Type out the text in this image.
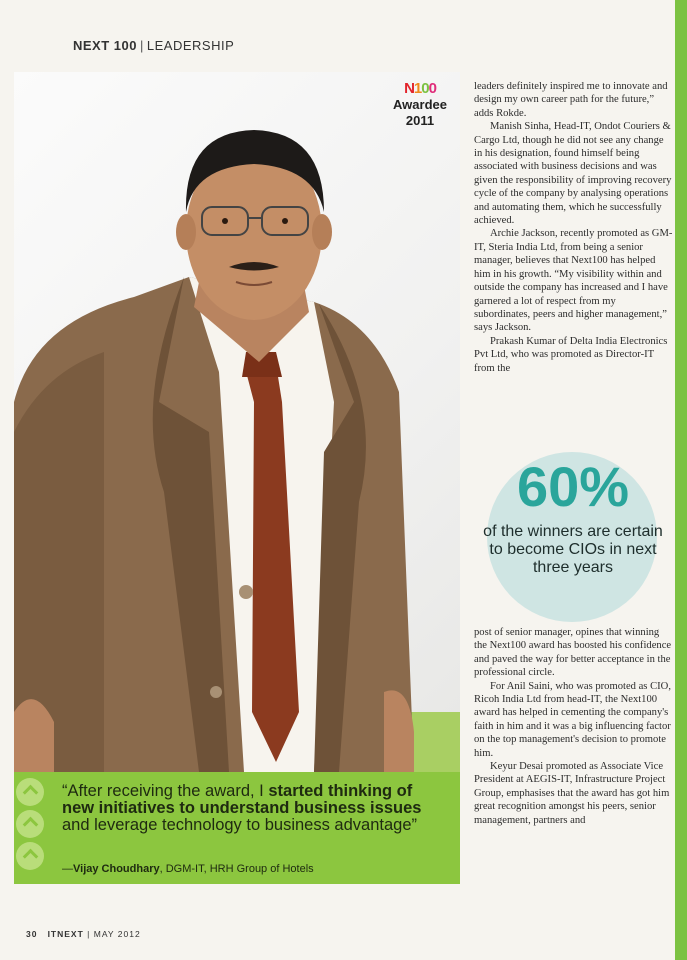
NEXT 100 | LEADERSHIP
N100
Awardee
2011
“After receiving the award, I started thinking of new initiatives to understand business issues and leverage technology to business advantage”
—Vijay Choudhary, DGM-IT, HRH Group of Hotels

leaders definitely inspired me to innovate and design my own career path for the future,” adds Rokde.

Manish Sinha, Head-IT, Ondot Couriers & Cargo Ltd, though he did not see any change in his designation, found himself being associated with business decisions and was given the responsibility of improving recovery cycle of the company by analysing operations and automating them, which he successfully achieved.

Archie Jackson, recently promoted as GM-IT, Steria India Ltd, from being a senior manager, believes that Next100 has helped him in his growth. “My visibility within and outside the company has increased and I have garnered a lot of respect from my subordinates, peers and higher management,” says Jackson.

Prakash Kumar of Delta India Electronics Pvt Ltd, who was promoted as Director-IT from the

60%
of the winners are certain to become CIOs in next three years

post of senior manager, opines that winning the Next100 award has boosted his confidence and paved the way for better acceptance in the professional circle.

For Anil Saini, who was promoted as CIO, Ricoh India Ltd from head-IT, the Next100 award has helped in cementing the company's faith in him and it was a big influencing factor on the top management's decision to promote him.

Keyur Desai promoted as Associate Vice President at AEGIS-IT, Infrastructure Project Group, emphasises that the award has got him great recognition amongst his peers, senior management, partners and

30 ITNEXT | MAY 2012
